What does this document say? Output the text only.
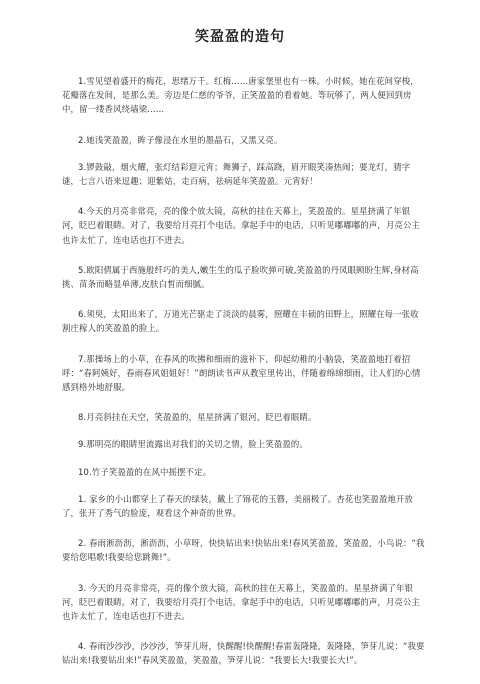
笑盈盈的造句

1.雪见望着盛开的梅花，思绪万千。红梅……唐家堡里也有一株。小时候，她在花间穿梭，花瓣落在发间，是那么美。旁边是仁慈的爷爷，正笑盈盈的看着她。等玩够了，两人便回到房中，留一缕香风绕墙梁……

2.她浅笑盈盈，眸子像浸在水里的墨晶石，又黑又亮。

3.锣鼓敲，烟火耀，张灯结彩迎元宵；舞狮子，踩高跷，眉开眼笑凑热闹；要龙灯，猜字谜，七言八语来逗趣；迎紫姑，走百病，祛病延年笑盈盈。元宵好！

4.今天的月亮非常亮，亮的像个放大镜，高秋的挂在天幕上，笑盈盈的。星星挤满了年银河，眨巴着眼睛。对了，我要给月亮打个电话。拿起手中的电话，只听见嘟嘟嘟的声，月亮公主也许太忙了，连电话也打不进去。

5.欧阳倩属于西施般纤巧的美人,嫩生生的瓜子脸吹弹可破,笑盈盈的丹凤眼顾盼生辉,身材高挑、苗条而略显单薄,皮肤白皙而细腻。

6.须臾，太阳出来了，万道光芒驱走了淡淡的晨雾，照耀在丰硕的田野上，照耀在每一张收割庄稼人的笑盈盈的脸上。

7.那操场上的小草，在春风的吹拂和细雨的滋补下，仰起幼稚的小脑袋，笑盈盈地打着招呼：“春阿姨好，春雨春风姐姐好！”朗朗读书声从教室里传出，伴随着绵绵细雨，让人们的心情感到格外地舒服。

8.月亮斜挂在天空，笑盈盈的，星星挤满了银河，眨巴着眼睛。

9.那明亮的眼睛里流露出对我们的关切之情，脸上笑盈盈的。

10.竹子笑盈盈的在风中摇摆不定。

1. 家乡的小山都穿上了春天的绿装，戴上了锦花的玉簪，美丽极了。杏花也笑盈盈地开放了，张开了秀气的脸庞，观看这个神奇的世界。

2. 春雨淅沥沥，淅沥沥，小草呀，快快钻出来!快钻出来!春风笑盈盈，笑盈盈，小鸟说：“我要给您唱歌!我要给您跳舞!”。

3. 今天的月亮非常亮，亮的像个放大镜，高秋的挂在天幕上，笑盈盈的。星星挤满了年银河，眨巴着眼睛。对了，我要给月亮打个电话。拿起手中的电话，只听见嘟嘟嘟的声，月亮公主也许太忙了，连电话也打不进去。

4. 春雨沙沙沙，沙沙沙，笋芽儿呀，快醒醒!快醒醒!春雷轰隆隆，轰隆隆，笋芽儿说：“我要钻出来!我要钻出来!”春风笑盈盈，笑盈盈，笋芽儿说：“我要长大!我要长大!”。
